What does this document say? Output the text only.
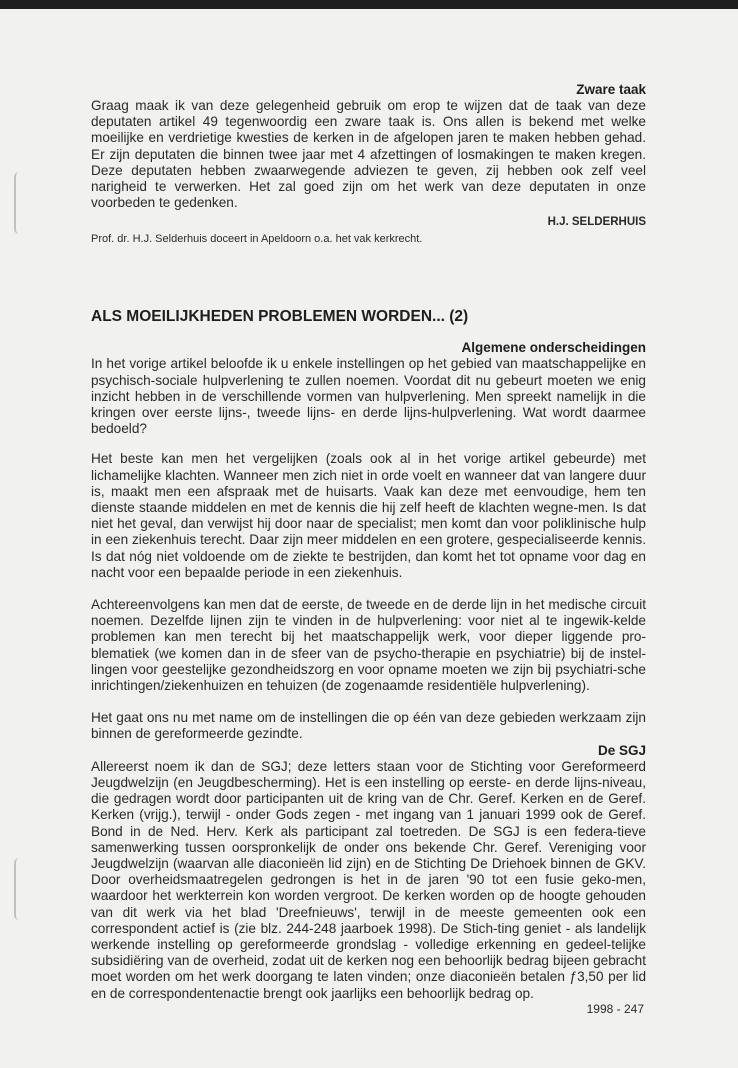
Zware taak

Graag maak ik van deze gelegenheid gebruik om erop te wijzen dat de taak van deze deputaten artikel 49 tegenwoordig een zware taak is. Ons allen is bekend met welke moeilijke en verdrietige kwesties de kerken in de afgelopen jaren te maken hebben gehad. Er zijn deputaten die binnen twee jaar met 4 afzettingen of losmakingen te maken kregen. Deze deputaten hebben zwaarwegende adviezen te geven, zij hebben ook zelf veel narigheid te verwerken. Het zal goed zijn om het werk van deze deputaten in onze voorbeden te gedenken.

H.J. SELDERHUIS
Prof. dr. H.J. Selderhuis doceert in Apeldoorn o.a. het vak kerkrecht.
ALS MOEILIJKHEDEN PROBLEMEN WORDEN... (2)
Algemene onderscheidingen

In het vorige artikel beloofde ik u enkele instellingen op het gebied van maatschappelijke en psychisch-sociale hulpverlening te zullen noemen. Voordat dit nu gebeurt moeten we enig inzicht hebben in de verschillende vormen van hulpverlening. Men spreekt namelijk in die kringen over eerste lijns-, tweede lijns- en derde lijns-hulpverlening. Wat wordt daarmee bedoeld?

Het beste kan men het vergelijken (zoals ook al in het vorige artikel gebeurde) met lichamelijke klachten. Wanneer men zich niet in orde voelt en wanneer dat van langere duur is, maakt men een afspraak met de huisarts. Vaak kan deze met eenvoudige, hem ten dienste staande middelen en met de kennis die hij zelf heeft de klachten wegne-men. Is dat niet het geval, dan verwijst hij door naar de specialist; men komt dan voor poliklinische hulp in een ziekenhuis terecht. Daar zijn meer middelen en een grotere, gespecialiseerde kennis. Is dat nóg niet voldoende om de ziekte te bestrijden, dan komt het tot opname voor dag en nacht voor een bepaalde periode in een ziekenhuis.

Achtereenvolgens kan men dat de eerste, de tweede en de derde lijn in het medische circuit noemen. Dezelfde lijnen zijn te vinden in de hulpverlening: voor niet al te ingewik-kelde problemen kan men terecht bij het maatschappelijk werk, voor dieper liggende pro-blematiek (we komen dan in de sfeer van de psycho-therapie en psychiatrie) bij de instel-lingen voor geestelijke gezondheidszorg en voor opname moeten we zijn bij psychiatri-sche inrichtingen/ziekenhuizen en tehuizen (de zogenaamde residentiële hulpverlening).

Het gaat ons nu met name om de instellingen die op één van deze gebieden werkzaam zijn binnen de gereformeerde gezindte.

De SGJ

Allereerst noem ik dan de SGJ; deze letters staan voor de Stichting voor Gereformeerd Jeugdwelzijn (en Jeugdbescherming). Het is een instelling op eerste- en derde lijns-niveau, die gedragen wordt door participanten uit de kring van de Chr. Geref. Kerken en de Geref. Kerken (vrijg.), terwijl - onder Gods zegen - met ingang van 1 januari 1999 ook de Geref. Bond in de Ned. Herv. Kerk als participant zal toetreden. De SGJ is een federa-tieve samenwerking tussen oorspronkelijk de onder ons bekende Chr. Geref. Vereniging voor Jeugdwelzijn (waarvan alle diaconieën lid zijn) en de Stichting De Driehoek binnen de GKV. Door overheidsmaatregelen gedrongen is het in de jaren '90 tot een fusie geko-men, waardoor het werkterrein kon worden vergroot. De kerken worden op de hoogte gehouden van dit werk via het blad 'Dreefnieuws', terwijl in de meeste gemeenten ook een correspondent actief is (zie blz. 244-248 jaarboek 1998). De Stich-ting geniet - als landelijk werkende instelling op gereformeerde grondslag - volledige erkenning en gedeel-telijke subsidiëring van de overheid, zodat uit de kerken nog een behoorlijk bedrag bijeen gebracht moet worden om het werk doorgang te laten vinden; onze diaconieën betalen ƒ3,50 per lid en de correspondentenactie brengt ook jaarlijks een behoorlijk bedrag op.

1998 - 247
